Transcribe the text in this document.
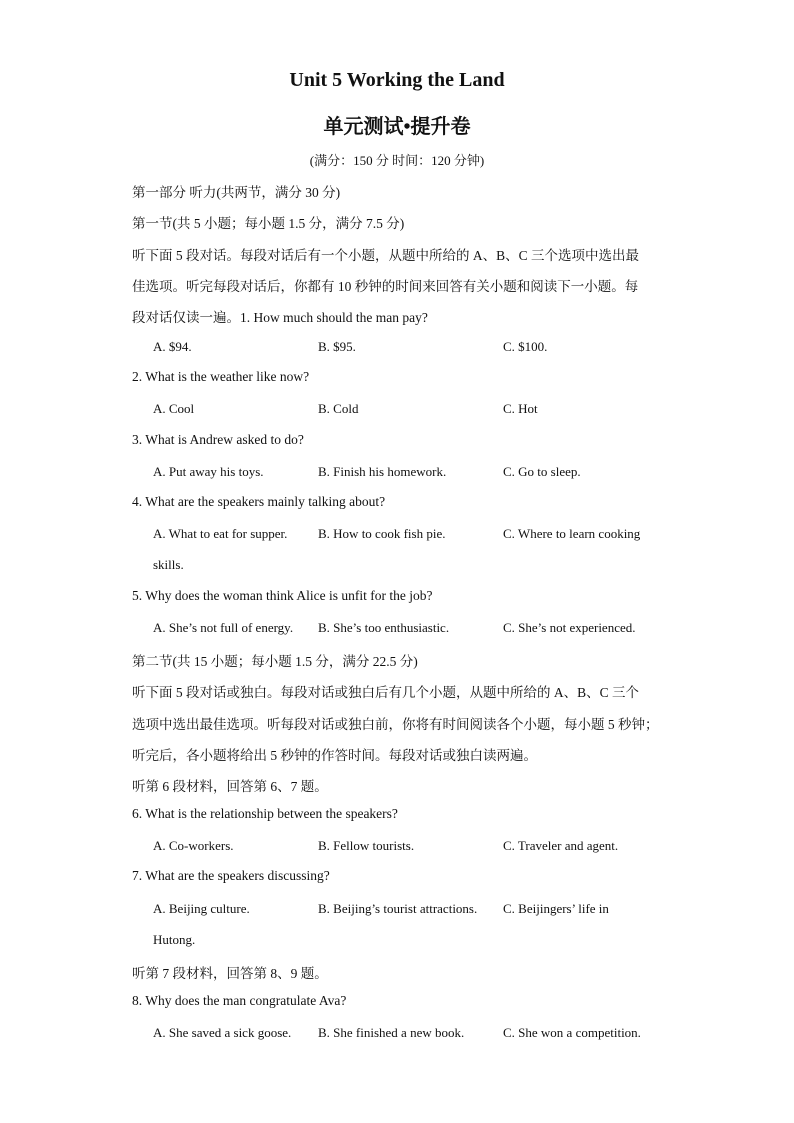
Unit 5 Working the Land
单元测试•提升卷
(满分：150 分 时间：120 分钟)
第一部分 听力(共两节，满分 30 分)
第一节(共 5 小题；每小题 1.5 分，满分 7.5 分)
听下面 5 段对话。每段对话后有一个小题，从题中所给的 A、B、C 三个选项中选出最
佳选项。听完每段对话后，你都有 10 秒钟的时间来回答有关小题和阅读下一小题。每
段对话仅读一遍。1. How much should the man pay?
A. $94.	B. $95.	C. $100.
2. What is the weather like now?
A. Cool	B. Cold	C. Hot
3. What is Andrew asked to do?
A. Put away his toys.	B. Finish his homework.	C. Go to sleep.
4. What are the speakers mainly talking about?
A. What to eat for supper. B. How to cook fish pie.	C. Where to learn cooking
skills.
5. Why does the woman think Alice is unfit for the job?
A. She’s not full of energy. B. She’s too enthusiastic.	C. She’s not experienced.
第二节(共 15 小题；每小题 1.5 分，满分 22.5 分)
听下面 5 段对话或独白。每段对话或独白后有几个小题，从题中所给的 A、B、C 三个
选项中选出最佳选项。听每段对话或独白前，你将有时间阅读各个小题，每小题 5 秒钟；
听完后，各小题将给出 5 秒钟的作答时间。每段对话或独白读两遍。
听第 6 段材料，回答第 6、7 题。
6. What is the relationship between the speakers?
A. Co-workers.	B. Fellow tourists.	C. Traveler and agent.
7. What are the speakers discussing?
A. Beijing culture.	B. Beijing’s tourist attractions. C. Beijingers’ life in
Hutong.
听第 7 段材料，回答第 8、9 题。
8. Why does the man congratulate Ava?
A. She saved a sick goose. B. She finished a new book.	C. She won a competition.
